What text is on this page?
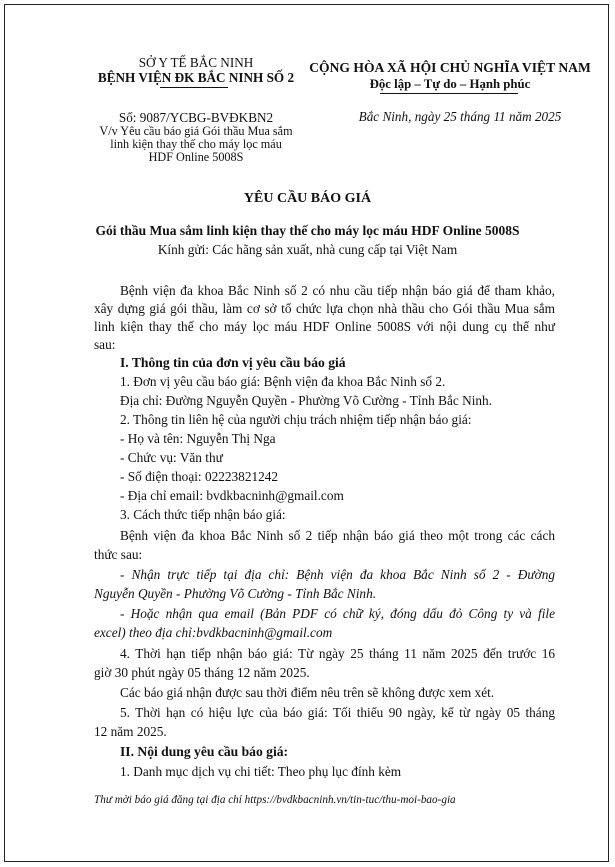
SỞ Y TẾ BẮC NINH
BỆNH VIỆN ĐK BẮC NINH SỐ 2
Số: 9087/YCBG-BVĐKBN2
V/v Yêu cầu báo giá Gói thầu Mua sắm
linh kiện thay thế cho máy lọc máu
HDF Online 5008S
CỘNG HÒA XÃ HỘI CHỦ NGHĨA VIỆT NAM
Độc lập – Tự do – Hạnh phúc
Bắc Ninh, ngày 25 tháng 11 năm 2025
YÊU CẦU BÁO GIÁ
Gói thầu Mua sắm linh kiện thay thế cho máy lọc máu HDF Online 5008S
Kính gửi: Các hãng sản xuất, nhà cung cấp tại Việt Nam
Bệnh viện đa khoa Bắc Ninh số 2 có nhu cầu tiếp nhận báo giá để tham khảo,
xây dựng giá gói thầu, làm cơ sở tổ chức lựa chọn nhà thầu cho Gói thầu Mua sắm
linh kiện thay thế cho máy lọc máu HDF Online 5008S với nội dung cụ thể như
sau:
I. Thông tin của đơn vị yêu cầu báo giá
1. Đơn vị yêu cầu báo giá: Bệnh viện đa khoa Bắc Ninh số 2.
Địa chỉ: Đường Nguyễn Quyền - Phường Võ Cường - Tỉnh Bắc Ninh.
2. Thông tin liên hệ của người chịu trách nhiệm tiếp nhận báo giá:
- Họ và tên: Nguyễn Thị Nga
- Chức vụ: Văn thư
- Số điện thoại: 02223821242
- Địa chỉ email: bvdkbacninh@gmail.com
3. Cách thức tiếp nhận báo giá:
Bệnh viện đa khoa Bắc Ninh số 2 tiếp nhận báo giá theo một trong các cách
thức sau:
- Nhận trực tiếp tại địa chỉ: Bệnh viện đa khoa Bắc Ninh số 2 - Đường
Nguyễn Quyền - Phường Võ Cường - Tỉnh Bắc Ninh.
- Hoặc nhận qua email (Bản PDF có chữ ký, đóng dấu đỏ Công ty và file
excel) theo địa chỉ:bvdkbacninh@gmail.com
4. Thời hạn tiếp nhận báo giá: Từ ngày 25 tháng 11 năm 2025 đến trước 16
giờ 30 phút ngày 05 tháng 12 năm 2025.
Các báo giá nhận được sau thời điểm nêu trên sẽ không được xem xét.
5. Thời hạn có hiệu lực của báo giá: Tối thiểu 90 ngày, kể từ ngày 05 tháng
12 năm 2025.
II. Nội dung yêu cầu báo giá:
1. Danh mục dịch vụ chi tiết: Theo phụ lục đính kèm
Thư mời báo giá đăng tại địa chỉ https://bvdkbacninh.vn/tin-tuc/thu-moi-bao-gia
